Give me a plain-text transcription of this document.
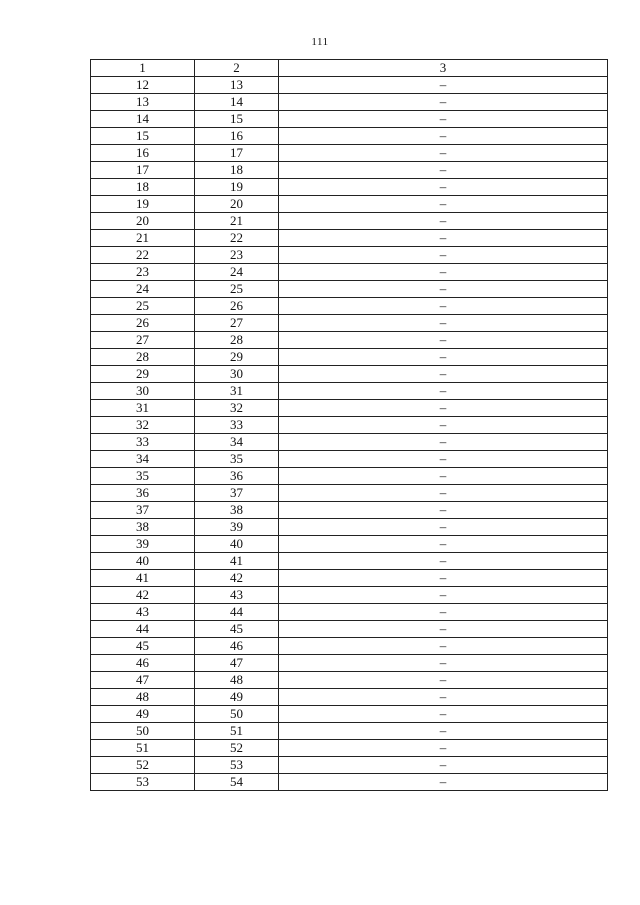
111
1	2	3
12	13	–
13	14	–
14	15	–
15	16	–
16	17	–
17	18	–
18	19	–
19	20	–
20	21	–
21	22	–
22	23	–
23	24	–
24	25	–
25	26	–
26	27	–
27	28	–
28	29	–
29	30	–
30	31	–
31	32	–
32	33	–
33	34	–
34	35	–
35	36	–
36	37	–
37	38	–
38	39	–
39	40	–
40	41	–
41	42	–
42	43	–
43	44	–
44	45	–
45	46	–
46	47	–
47	48	–
48	49	–
49	50	–
50	51	–
51	52	–
52	53	–
53	54	–
